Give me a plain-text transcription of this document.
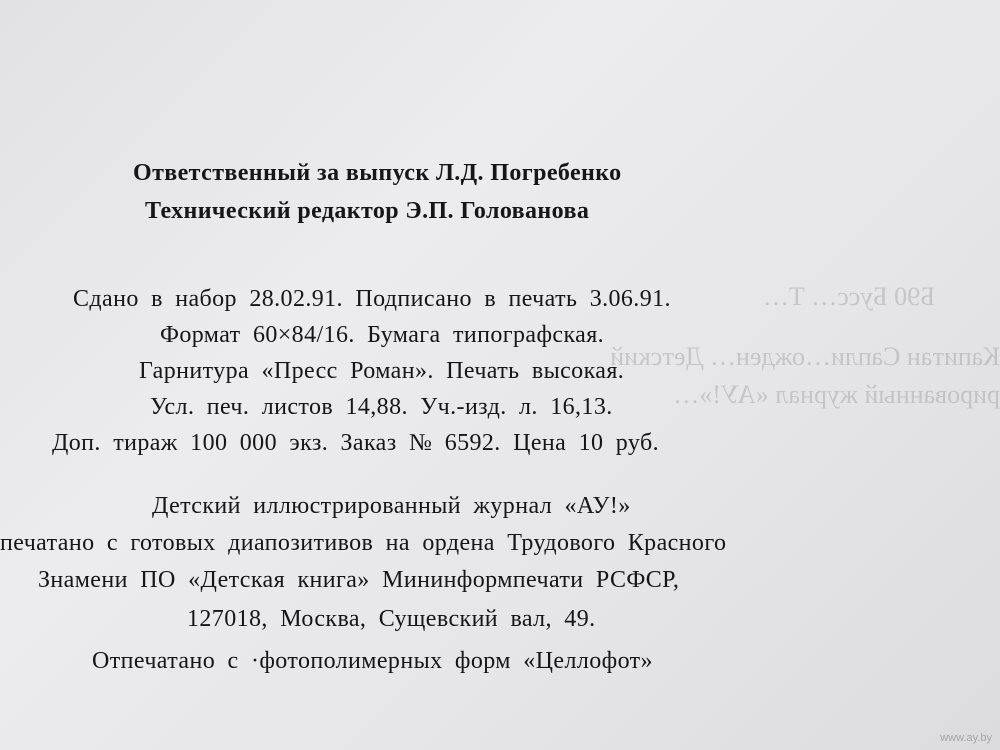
Б90 Бусс… Т…
Капитан Сапли…ожден… Детский
рированный журнал «АУ!»…
Ответственный за выпуск Л.Д. Погребенко
Технический редактор Э.П. Голованова
Сдано в набор 28.02.91. Подписано в печать 3.06.91.
Формат 60×84/16. Бумага типографская.
Гарнитура «Пресс Роман». Печать высокая.
Усл. печ. листов 14,88. Уч.-изд. л. 16,13.
Доп. тираж 100 000 экз. Заказ № 6592. Цена 10 руб.
Детский иллюстрированный журнал «АУ!»
печатано с готовых диапозитивов на ордена Трудового Красного
Знамени ПО «Детская книга» Мининформпечати РСФСР,
127018, Москва, Сущевский вал, 49.
Отпечатано с ·фотополимерных форм «Целлофот»
www.ay.by
